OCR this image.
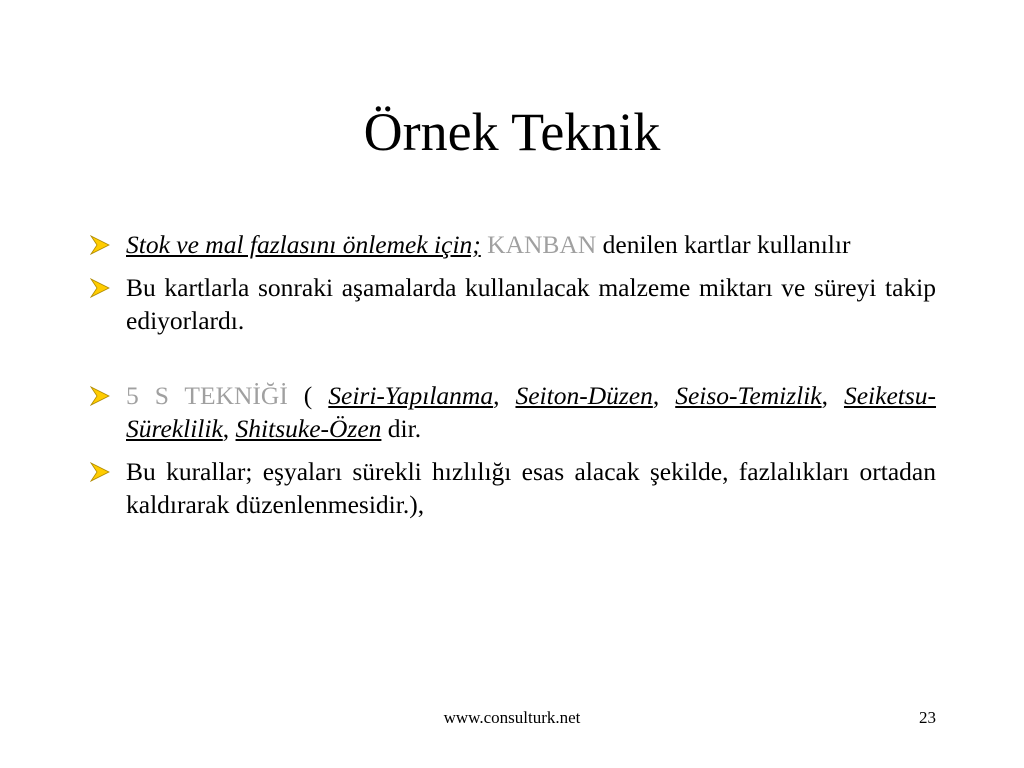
Örnek Teknik
Stok ve mal fazlasını önlemek için; KANBAN denilen kartlar kullanılır
Bu kartlarla sonraki aşamalarda kullanılacak malzeme miktarı ve süreyi takip ediyorlardı.
5 S TEKNİĞİ ( Seiri-Yapılanma, Seiton-Düzen, Seiso-Temizlik, Seiketsu-Süreklilik, Shitsuke-Özen dir.
Bu kurallar; eşyaları sürekli hızlılığı esas alacak şekilde, fazlalıkları ortadan kaldırarak düzenlenmesidir.),
www.consulturk.net	23
